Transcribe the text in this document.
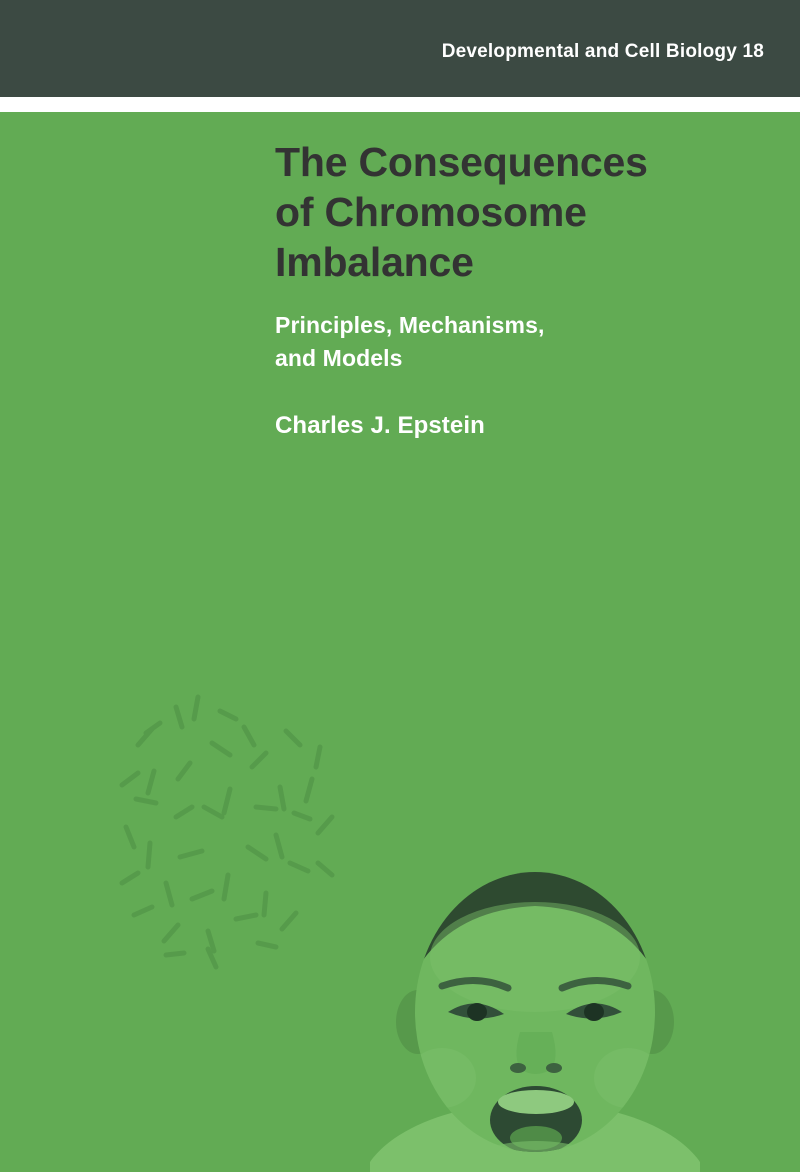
Developmental and Cell Biology 18
The Consequences
of Chromosome
Imbalance
Principles, Mechanisms,
and Models
Charles J. Epstein
